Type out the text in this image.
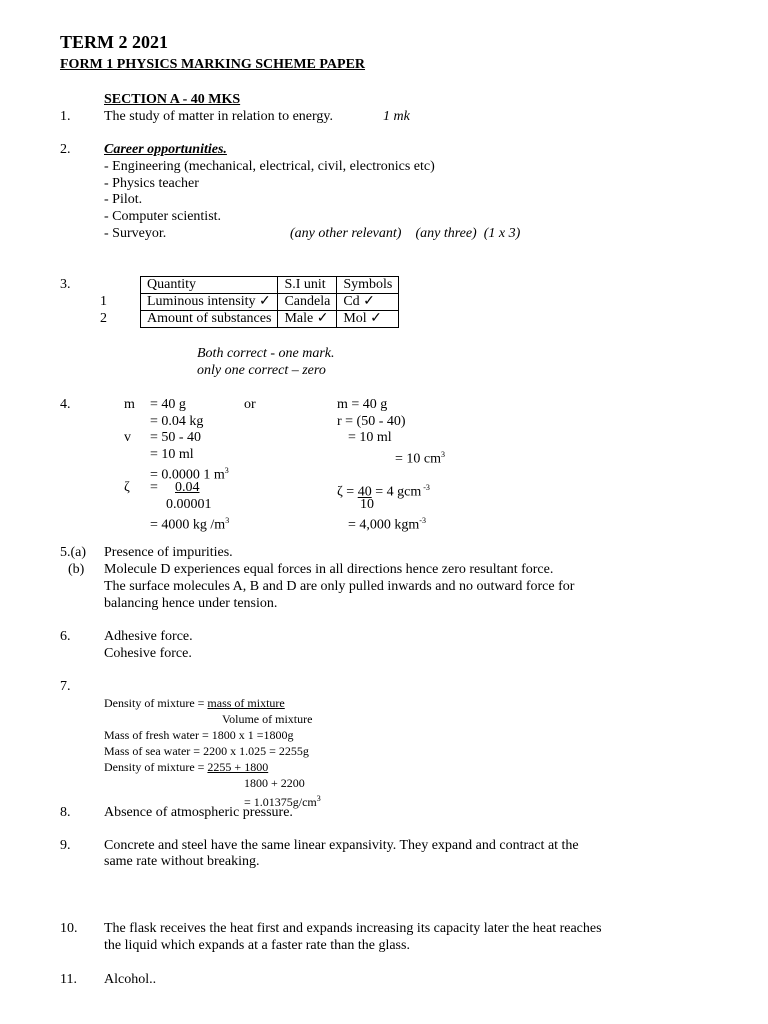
TERM 2 2021
FORM 1 PHYSICS MARKING SCHEME PAPER
SECTION A - 40 MKS
1. The study of matter in relation to energy.	1 mk
2. Career opportunities.
- Engineering (mechanical, electrical, civil, electronics etc)
- Physics teacher
- Pilot.
- Computer scientist.
- Surveyor.	(any other relevant)    (any three)  (1 x 3)
3.
1
2
Quantity	S.I unit	Symbols
Luminous intensity ✓	Candela	Cd ✓
Amount of substances	Male ✓	Mol ✓
Both correct - one mark.
only one correct – zero
4.	m = 40 g	or	m = 40 g
= 0.04 kg	r = (50 - 40)
v = 50 - 40	= 10 ml
= 10 ml	= 10 $cm^3$
= 0.0000 1 $m^3$
ζ = 0.04
0.00001
= 4000 kg $/m^3$
ζ = 40 = 4 gcm $^{-3}$
10
= 4,000 kgm$^{-3}$
5.(a) Presence of impurities.
(b) Molecule D experiences equal forces in all directions hence zero resultant force.
The surface molecules A, B and D are only pulled inwards and no outward force for
balancing hence under tension.
6. Adhesive force.
Cohesive force.
7.
Density of mixture = mass of mixture
Volume of mixture
Mass of fresh water = 1800 x 1 =1800g
Mass of sea water = 2200 x 1.025 = 2255g
Density of mixture = 2255 + 1800
1800 + 2200
= $1.01375g/cm^3$
8. Absence of atmospheric pressure.
9. Concrete and steel have the same linear expansivity. They expand and contract at the
same rate without breaking.
10. The flask receives the heat first and expands increasing its capacity later the heat reaches
the liquid which expands at a faster rate than the glass.
11. Alcohol..
